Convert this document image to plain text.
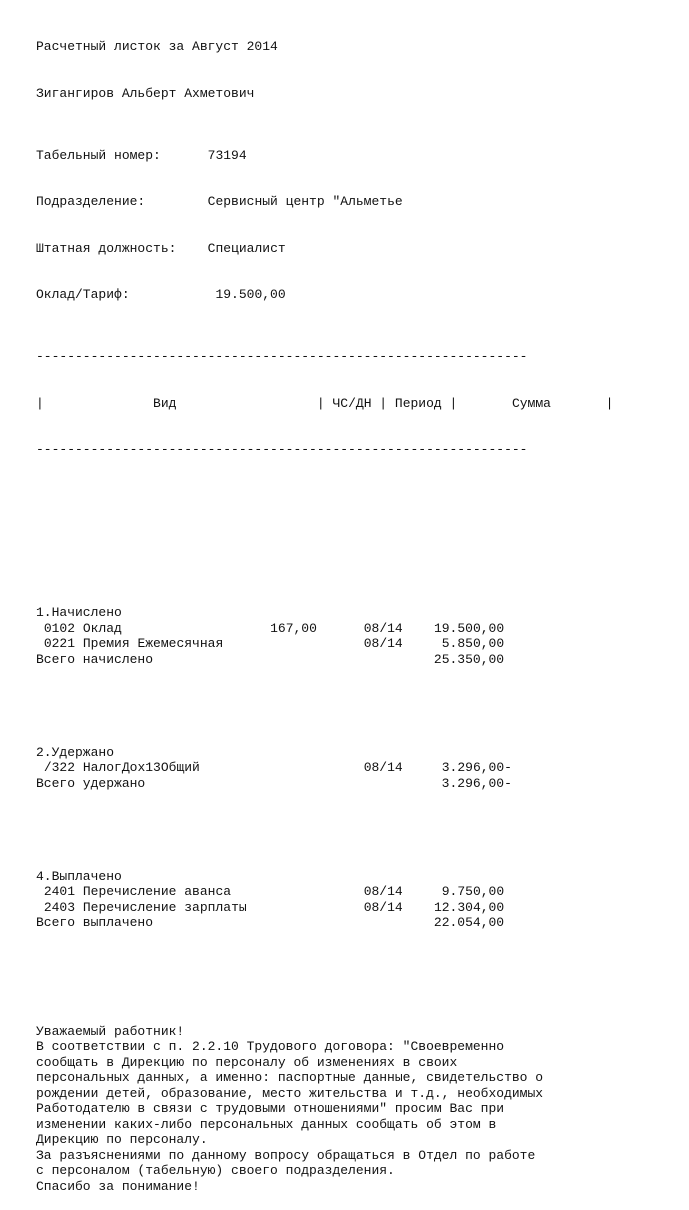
Расчетный листок за Август 2014

Зигангиров Альберт Ахметович

Табельный номер:	73194

Подразделение:	Сервисный центр "Альметье

Штатная должность: Специалист

Оклад/Тариф:	19.500,00

---------------------------------------------------------------

|	Вид	| ЧС/ДН | Период |	Сумма	|

---------------------------------------------------------------

1.Начислено
0102 Оклад	167,00	08/14 19.500,00
0221 Премия Ежемесячная	08/14	5.850,00
Всего начислено	25.350,00

2.Удержано
/322 НалогДох13Общий	08/14	3.296,00-
Всего удержано	3.296,00-

4.Выплачено
2401 Перечисление аванса	08/14	9.750,00
2403 Перечисление зарплаты	08/14 12.304,00
Всего выплачено	22.054,00

Уважаемый работник!
В соответствии с п. 2.2.10 Трудового договора: "Своевременно
сообщать в Дирекцию по персоналу об изменениях в своих
персональных данных, а именно: паспортные данные, свидетельство о
рождении детей, образование, место жительства и т.д., необходимых
Работодателю в связи с трудовыми отношениями" просим Вас при
изменении каких-либо персональных данных сообщать об этом в
Дирекцию по персоналу.
За разъяснениями по данному вопросу обращаться в Отдел по работе
с персоналом (табельную) своего подразделения.
Спасибо за понимание!
